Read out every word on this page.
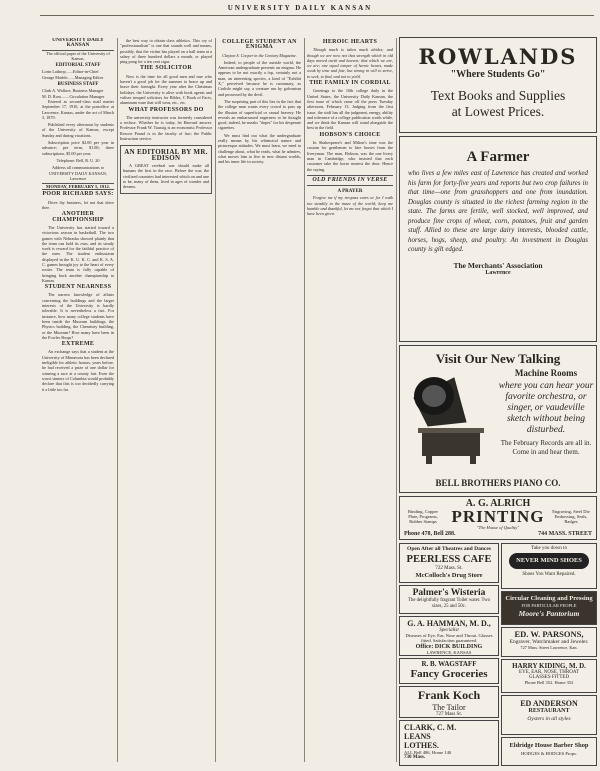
UNIVERSITY DAILY KANSAN
UNIVERSITY DAILY KANSAN

The official paper of the University of Kansas.

EDITORIAL STAFF
Lorin Lathrop.......Editor-in-Chief
George Marble.......Managing Editor
BUSINESS STAFF
Clark A. Wallace, Business Manager
M. D. Ross........Circulation Manager

Entered as second-class mail matter September 17, 1910, at the postoffice at Lawrence, Kansas, under the act of March 3, 1879.

Published every afternoon by students of the University of Kansas, except Sunday and during vacations.

Subscription price $2.00 per year in advance; per term, $1.00; three subscriptions, $5.00 per year.

Telephone: Bell, R. U. 20

Address all communications to UNIVERSITY DAILY KANSAN, Lawrence

MONDAY, FEBRUARY 5, 1912.
POOR RICHARD SAYS:

Drive thy business, let not that drive thee.

ANOTHER CHAMPIONSHIP

The University has started toward a victorious season in basketball. The two games with Nebraska showed plainly that the team can hold its own, and its steady work is reward for the faithful practice of the men. The student enthusiasm displayed in the K. U. K. C. and K. S. A. C. games brought joy to the heart of every rooter. The team is fully capable of bringing back another championship to Kansas.

STUDENT NEARNESS

The narrow knowledge of affairs concerning the buildings and the larger interests of the University is hardly tolerable. It is nevertheless a fact. For instance, how many college students have been inside the Museum buildings, the Physics building, the Chemistry building, or the Museum? How many have been in the Fowler Shops?

EXTREME

An exchange says that a student at the University of Minnesota has been declared ineligible for athletic honors, years before, he had received a prize of one dollar for winning a race at a county fair. Even the worst sinners of Columbia would probably declare that this is too decidedly carrying it a little too far.

the best way to obtain class athletics. This cry of "professionalism" is one that sounds well and means, possibly, that the victim has played on a ball team at a salary of three hundred dollars a month, or played ping pong for a ten cent cigar.

THE SOLICITOR

Now is the time for all good men and true who haven't a good job for the summer to brace up and brave their fortnight. Every year after the Christmas holidays, the University is alive with book agents and valises trouped solicitors for Bibles, C Book of Facts, aluminum ware that will wear, etc., etc.

WHAT PROFESSORS DO

The university instructor was formerly considered a recluse. Whether he is today, let Harvard answer. Professor Frank W. Taussig is an economist; Professor Roscoe Pound is in the faculty of law; the Public Instruction service.

AN EDITORIAL BY MR. EDISON

A GREAT cerebral war should make all humans the first in the race. Before the war, the civilized countries had interested which on and one to be, many of them, lived in ages of wonder and dreams.

COLLEGE STUDENT AN ENIGMA

Clayton S. Cooper in the Century Magazine.

Indeed, to people of the outside world, the American undergraduate presents an enigma. He appears to be not exactly a fop, certainly not a man, an interesting species, a kind of "Exhibit X," perceived because he is customary, as Carlisle might say, a creature run by galvanism and possessed by the devil.

The surprising part of this lies in the fact that the college man wants every crowd to pass up the illusion of superficial or casual bravery. He reveals an embarrassed eagerness to be thought good, indeed, he sneaks "dopes" for his desperate cigarettes.

We must find out what the undergraduate really means by his whimsical nature and picturesque attitudes. We must learn, we need to challenge about, what he reads, what he admires, what moves him to live in new distant worlds, and his inner life in society.

HEROIC HEARTS

Though much is taken much abides; and though we are now not that strength which in old days moved earth and heaven; that which we are, we are; one equal temper of heroic hearts, made weak by time and fate, but strong in will to strive, to seek, to find, and not to yield.

THE FAMILY IN CORDIAL

Greetings to the 10th college daily in the United States, the University Daily Kansan, the first issue of which came off the press Tuesday afternoon, February 13. Judging from the first issue, the staff has all the judgment, energy, ability and tolerance of a college publication worth while, and we think the Kansan will stand alongside the best in the field.

HOBSON'S CHOICE

In Shakespeare's and Milton's time was the custom for gentlemen to hire horses from the liveryman. The man, Hobson, was the one livery man in Cambridge, who insisted that each customer take the horse nearest the door. Hence the saying.

OLD FRIENDS IN VERSE
A PRAYER

Forgive me if my trespass cares or for I walk too steadily in the maze of the world; keep me humble and thankful, let me not forget that which I have been given.

ROWLANDS
"Where Students Go"
Text Books and Supplies
at Lowest Prices.
A Farmer
who lives a few miles east of Lawrence has created and worked his farm for forty-five years and reports but two crop failures in that time—one from grasshoppers and one from inundation. Douglas county is situated in the richest farming region in the state. The farms are fertile, well stocked, well improved, and produce fine crops of wheat, corn, potatoes, fruit and garden stuff. Allied to these are large dairy interests, blooded cattle, horses, hogs, sheep, and poultry. An investment in Douglas county is gilt edged.
The Merchants' Association
Lawrence
Visit Our New Talking
Machine Rooms
where you can hear your favorite orchestra, or singer, or vaudeville sketch without being disturbed.
The February Records are all in. Come in and hear them.
BELL BROTHERS PIANO CO.
A. G. ALRICH
Binding, Copper Plate, Programs, Rubber Stamps PRINTING	Engraving, Steel Die Embossing, Seals, Badges
"The House of Quality"
Phone 478, Bell 288.	744 MASS. STREET
Open After all Theatres and Dances
PEERLESS CAFE
722 Mass. St.
McColloch's Drug Store
Palmer's Wisteria
The delightfully fragrant Toilet water. Two sizes, 25 and 50c.
G. A. HAMMAN, M. D.,
Specialist
Diseases of Eye, Ear, Nose and Throat. Glasses fitted. Satisfaction guaranteed.
Office: DICK BUILDING
LAWRENCE, KANSAS
R. B. WAGSTAFF
Fancy Groceries
Frank Koch
The Tailor
727 Mass St.
CLARK, C. M.
LEANS
LOTHES.
ALL Bell 486, Home 140
730 Mass.
Take you down to
NEVER MIND SHOES
Shoes You Want Repaired.
Circular Cleaning and Pressing
FOR PARTICULAR PEOPLE
Moore's Pantorium
ED. W. PARSONS,
Engraver, Watchmaker and Jeweler.
727 Mass. Street Lawrence, Kan.
HARRY KIDING, M. D.
EYE, EAR, NOSE, THROAT
GLASSES FITTED
Phone Bell 352. Home 352
ED ANDERSON
RESTAURANT
Oysters in all styles
Eldridge House Barber Shop
HODGES & HODGES Props.
